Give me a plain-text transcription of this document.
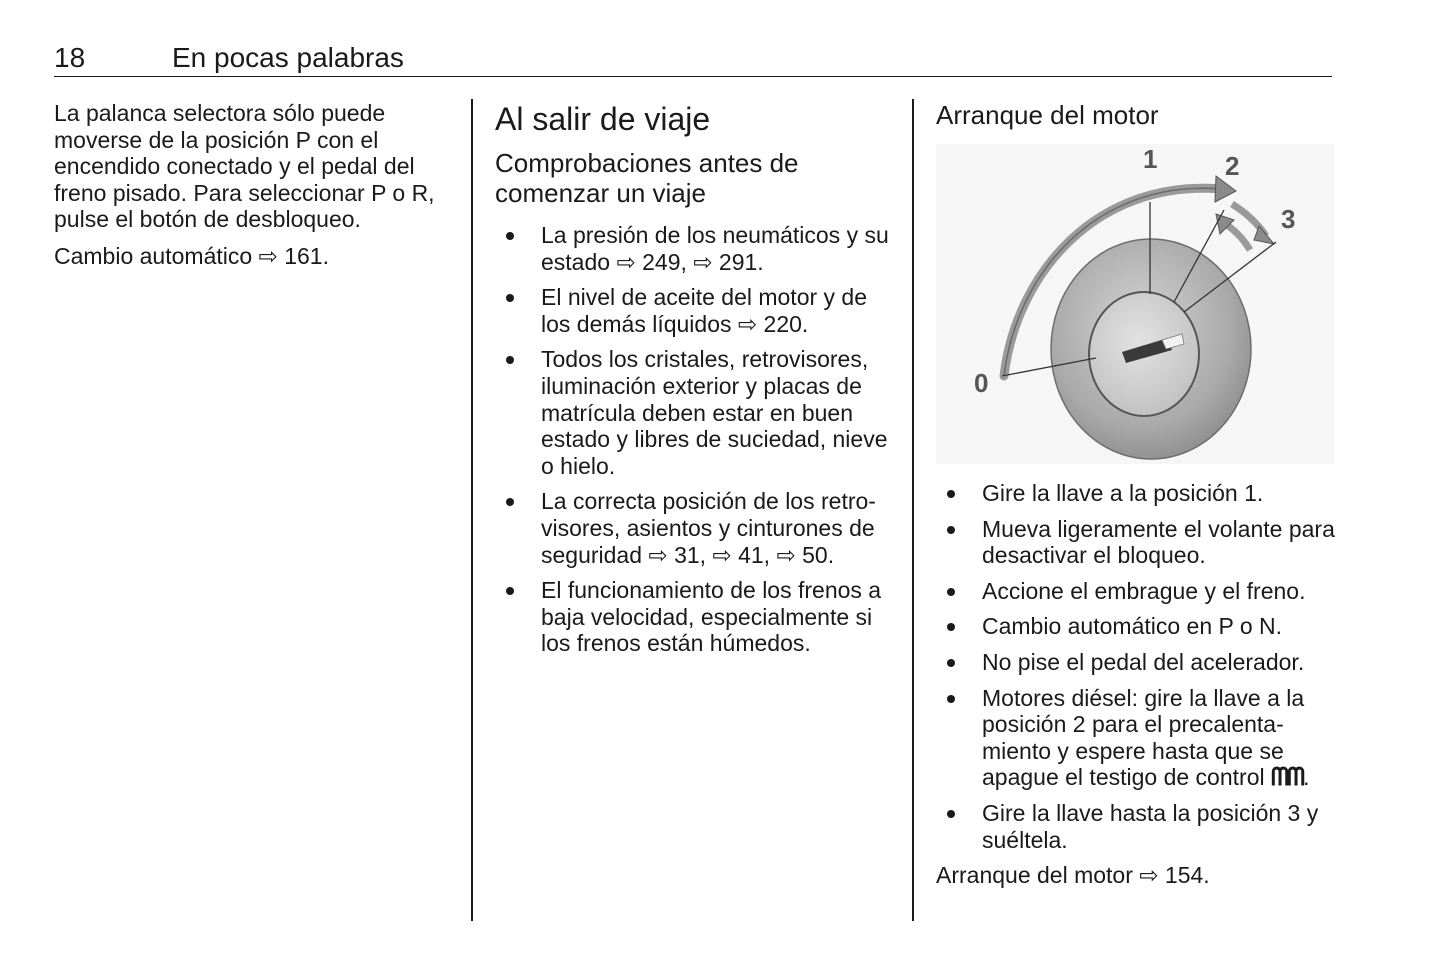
18	En pocas palabras

La palanca selectora sólo puede moverse de la posición P con el encendido conectado y el pedal del freno pisado. Para seleccionar P o R, pulse el botón de desbloqueo.

Cambio automático ⇨ 161.

Al salir de viaje
Comprobaciones antes de comenzar un viaje
La presión de los neumáticos y su estado ⇨ 249, ⇨ 291.
El nivel de aceite del motor y de los demás líquidos ⇨ 220.
Todos los cristales, retrovisores, iluminación exterior y placas de matrícula deben estar en buen estado y libres de suciedad, nieve o hielo.
La correcta posición de los retrovisores, asientos y cinturones de seguridad ⇨ 31, ⇨ 41, ⇨ 50.
El funcionamiento de los frenos a baja velocidad, especialmente si los frenos están húmedos.
Arranque del motor
1	2
3
0
Gire la llave a la posición 1.
Mueva ligeramente el volante para desactivar el bloqueo.
Accione el embrague y el freno.
Cambio automático en P o N.
No pise el pedal del acelerador.
Motores diésel: gire la llave a la posición 2 para el precalentamiento y espere hasta que se apague el testigo de control ᗰᗰ.
Gire la llave hasta la posición 3 y suéltela.

Arranque del motor ⇨ 154.
